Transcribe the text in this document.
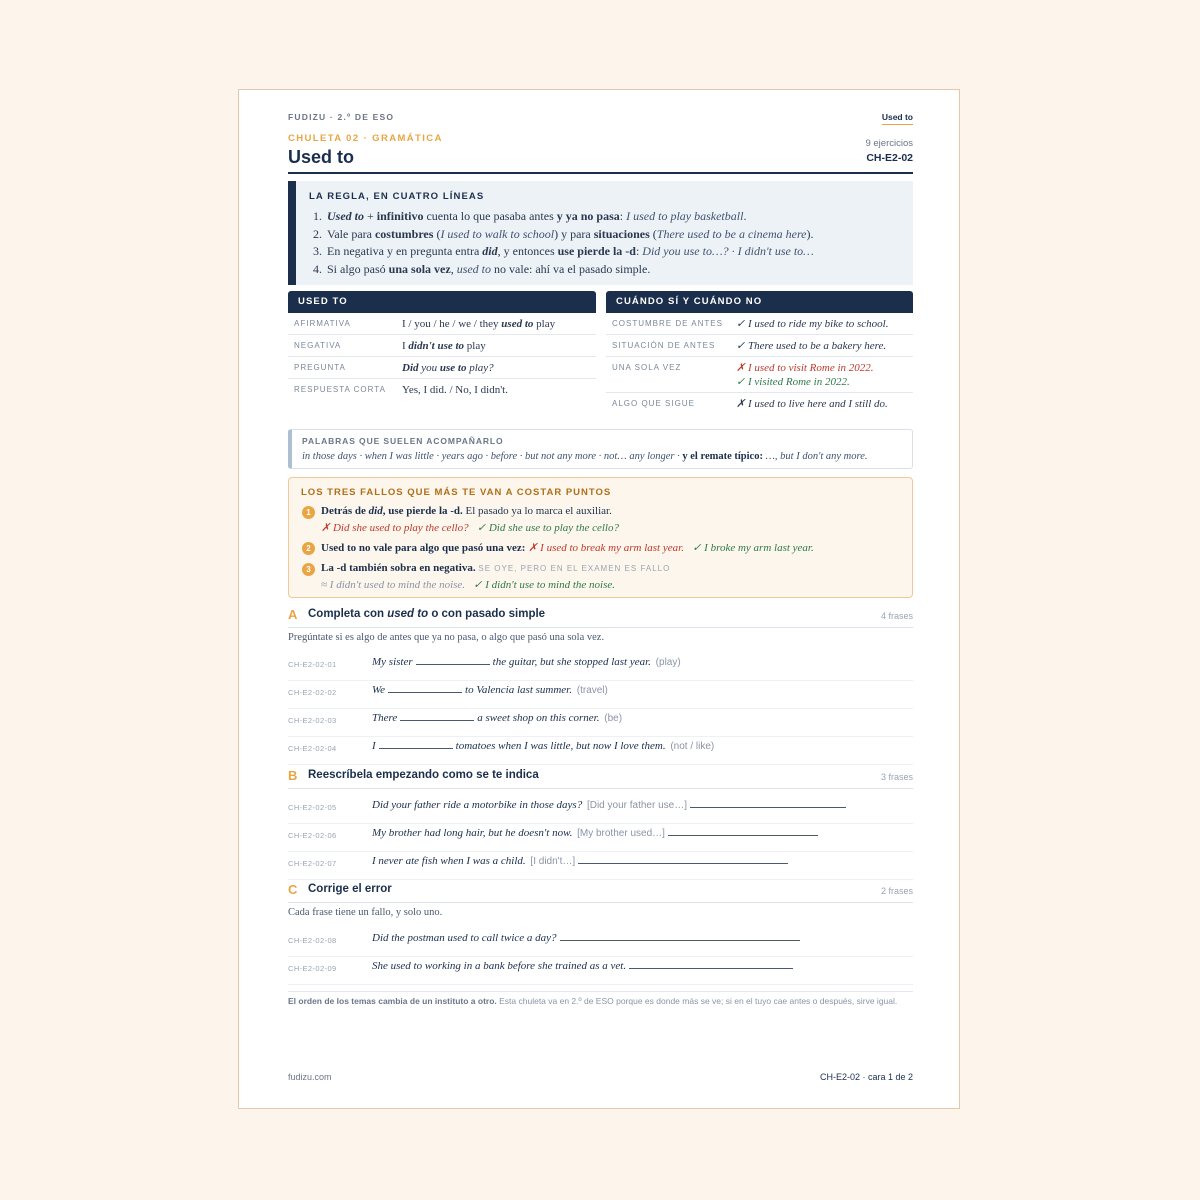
FUDIZU · 2.º DE ESO	Used to
CHULETA 02 · GRAMÁTICA
Used to
9 ejercicios
CH-E2-02
LA REGLA, EN CUATRO LÍNEAS
1. Used to + infinitivo cuenta lo que pasaba antes y ya no pasa: I used to play basketball.
2. Vale para costumbres (I used to walk to school) y para situaciones (There used to be a cinema here).
3. En negativa y en pregunta entra did, y entonces use pierde la -d: Did you use to…? · I didn't use to…
4. Si algo pasó una sola vez, used to no vale: ahí va el pasado simple.
USED TO
AFIRMATIVA	I / you / he / we / they used to play
NEGATIVA	I didn't use to play
PREGUNTA	Did you use to play?
RESPUESTA CORTA	Yes, I did. / No, I didn't.
CUÁNDO SÍ Y CUÁNDO NO
COSTUMBRE DE ANTES	✓ I used to ride my bike to school.
SITUACIÓN DE ANTES	✓ There used to be a bakery here.
UNA SOLA VEZ	✗ I used to visit Rome in 2022.
✓ I visited Rome in 2022.
ALGO QUE SIGUE	✗ I used to live here and I still do.
PALABRAS QUE SUELEN ACOMPAÑARLO
in those days · when I was little · years ago · before · but not any more · not… any longer · y el remate típico: …, but I don't any more.
LOS TRES FALLOS QUE MÁS TE VAN A COSTAR PUNTOS
1 Detrás de did, use pierde la -d. El pasado ya lo marca el auxiliar.
✗ Did she used to play the cello? ✓ Did she use to play the cello?
2 Used to no vale para algo que pasó una vez: ✗ I used to break my arm last year. ✓ I broke my arm last year.
3 La -d también sobra en negativa. SE OYE, PERO EN EL EXAMEN ES FALLO
≈ I didn't used to mind the noise. ✓ I didn't use to mind the noise.
A Completa con used to o con pasado simple	4 frases
Pregúntate si es algo de antes que ya no pasa, o algo que pasó una sola vez.
CH-E2-02-01	My sister	the guitar, but she stopped last year. (play)
CH-E2-02-02	We	to Valencia last summer. (travel)
CH-E2-02-03	There	a sweet shop on this corner. (be)
CH-E2-02-04	I	tomatoes when I was little, but now I love them. (not / like)
B Reescríbela empezando como se te indica	3 frases
CH-E2-02-05	Did your father ride a motorbike in those days? [Did your father use…]
CH-E2-02-06	My brother had long hair, but he doesn't now. [My brother used…]
CH-E2-02-07	I never ate fish when I was a child. [I didn't…]
C Corrige el error	2 frases
Cada frase tiene un fallo, y solo uno.
CH-E2-02-08	Did the postman used to call twice a day?
CH-E2-02-09	She used to working in a bank before she trained as a vet.
El orden de los temas cambia de un instituto a otro. Esta chuleta va en 2.º de ESO porque es donde más se ve; si en el tuyo cae antes o después, sirve igual.
fudizu.com	CH-E2-02 · cara 1 de 2
